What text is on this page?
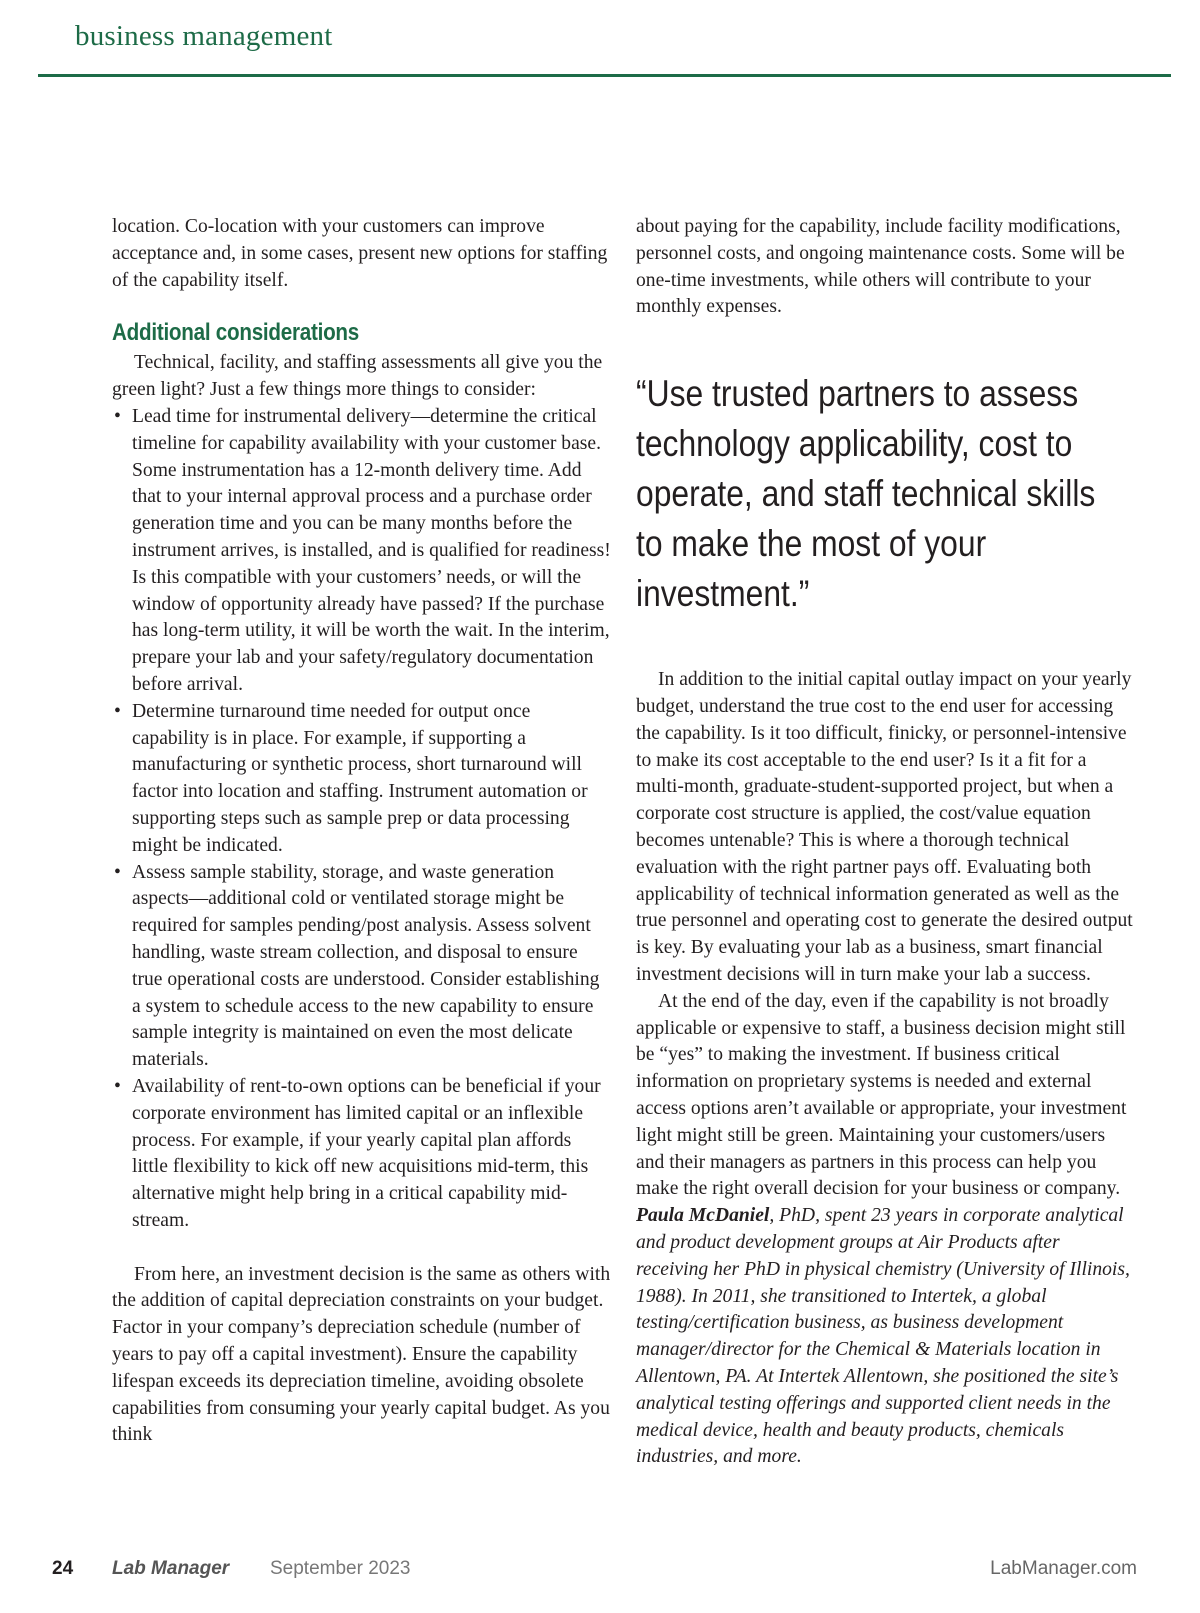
business management

location. Co-location with your customers can improve acceptance and, in some cases, present new options for staffing of the capability itself.

Additional considerations

Technical, facility, and staffing assessments all give you the green light? Just a few things more things to consider:

• Lead time for instrumental delivery—determine the critical timeline for capability availability with your customer base. Some instrumentation has a 12-month delivery time. Add that to your internal approval process and a purchase order generation time and you can be many months before the instrument arrives, is installed, and is qualified for readiness! Is this compatible with your customers’ needs, or will the window of opportunity already have passed? If the purchase has long-term utility, it will be worth the wait. In the interim, prepare your lab and your safety/regulatory documentation before arrival.
• Determine turnaround time needed for output once capability is in place. For example, if supporting a manufacturing or synthetic process, short turnaround will factor into location and staffing. Instrument automation or supporting steps such as sample prep or data processing might be indicated.
• Assess sample stability, storage, and waste generation aspects—additional cold or ventilated storage might be required for samples pending/post analysis. Assess solvent handling, waste stream collection, and disposal to ensure true operational costs are understood. Consider establishing a system to schedule access to the new capability to ensure sample integrity is maintained on even the most delicate materials.
• Availability of rent-to-own options can be beneficial if your corporate environment has limited capital or an inflexible process. For example, if your yearly capital plan affords little flexibility to kick off new acquisitions mid-term, this alternative might help bring in a critical capability mid-stream.

From here, an investment decision is the same as others with the addition of capital depreciation constraints on your budget. Factor in your company’s depreciation schedule (number of years to pay off a capital investment). Ensure the capability lifespan exceeds its depreciation timeline, avoiding obsolete capabilities from consuming your yearly capital budget. As you think

about paying for the capability, include facility modifications, personnel costs, and ongoing maintenance costs. Some will be one-time investments, while others will contribute to your monthly expenses.

“Use trusted partners to assess technology applicability, cost to operate, and staff technical skills to make the most of your investment.”

In addition to the initial capital outlay impact on your yearly budget, understand the true cost to the end user for accessing the capability. Is it too difficult, finicky, or personnel-intensive to make its cost acceptable to the end user? Is it a fit for a multi-month, graduate-student-supported project, but when a corporate cost structure is applied, the cost/value equation becomes untenable? This is where a thorough technical evaluation with the right partner pays off. Evaluating both applicability of technical information generated as well as the true personnel and operating cost to generate the desired output is key. By evaluating your lab as a business, smart financial investment decisions will in turn make your lab a success.

At the end of the day, even if the capability is not broadly applicable or expensive to staff, a business decision might still be “yes” to making the investment. If business critical information on proprietary systems is needed and external access options aren’t available or appropriate, your investment light might still be green. Maintaining your customers/users and their managers as partners in this process can help you make the right overall decision for your business or company.

Paula McDaniel, PhD, spent 23 years in corporate analytical and product development groups at Air Products after receiving her PhD in physical chemistry (University of Illinois, 1988). In 2011, she transitioned to Intertek, a global testing/certification business, as business development manager/director for the Chemical & Materials location in Allentown, PA. At Intertek Allentown, she positioned the site’s analytical testing offerings and supported client needs in the medical device, health and beauty products, chemicals industries, and more.

24 Lab Manager September 2023	LabManager.com
